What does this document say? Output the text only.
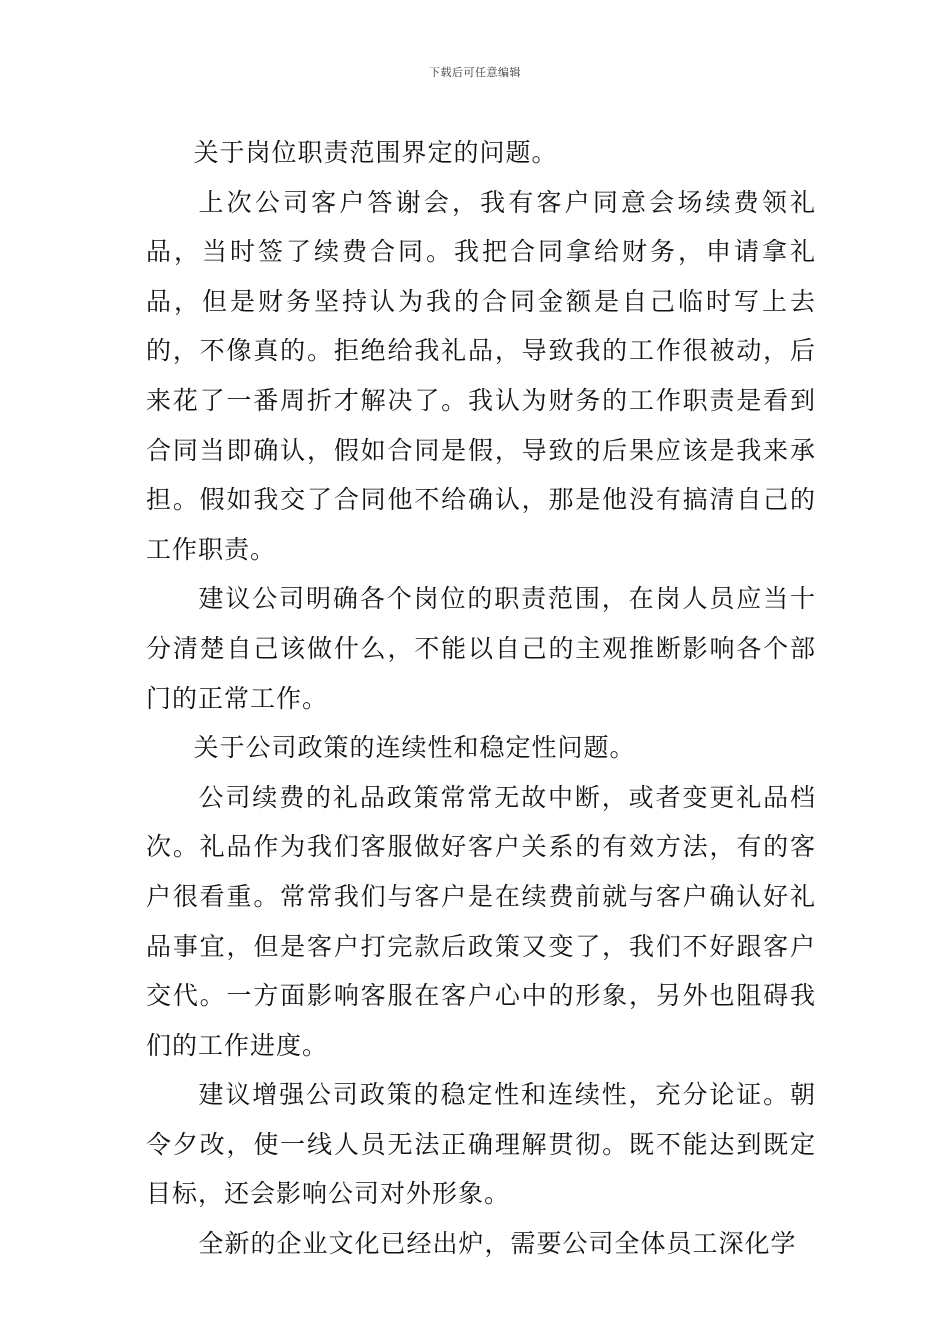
下载后可任意编辑

关于岗位职责范围界定的问题。

上次公司客户答谢会，我有客户同意会场续费领礼品，当时签了续费合同。我把合同拿给财务，申请拿礼品，但是财务坚持认为我的合同金额是自己临时写上去的，不像真的。拒绝给我礼品，导致我的工作很被动，后来花了一番周折才解决了。我认为财务的工作职责是看到合同当即确认，假如合同是假，导致的后果应该是我来承担。假如我交了合同他不给确认，那是他没有搞清自己的工作职责。

建议公司明确各个岗位的职责范围，在岗人员应当十分清楚自己该做什么，不能以自己的主观推断影响各个部门的正常工作。

关于公司政策的连续性和稳定性问题。

公司续费的礼品政策常常无故中断，或者变更礼品档次。礼品作为我们客服做好客户关系的有效方法，有的客户很看重。常常我们与客户是在续费前就与客户确认好礼品事宜，但是客户打完款后政策又变了，我们不好跟客户交代。一方面影响客服在客户心中的形象，另外也阻碍我们的工作进度。

建议增强公司政策的稳定性和连续性，充分论证。朝令夕改，使一线人员无法正确理解贯彻。既不能达到既定目标，还会影响公司对外形象。

全新的企业文化已经出炉，需要公司全体员工深化学
